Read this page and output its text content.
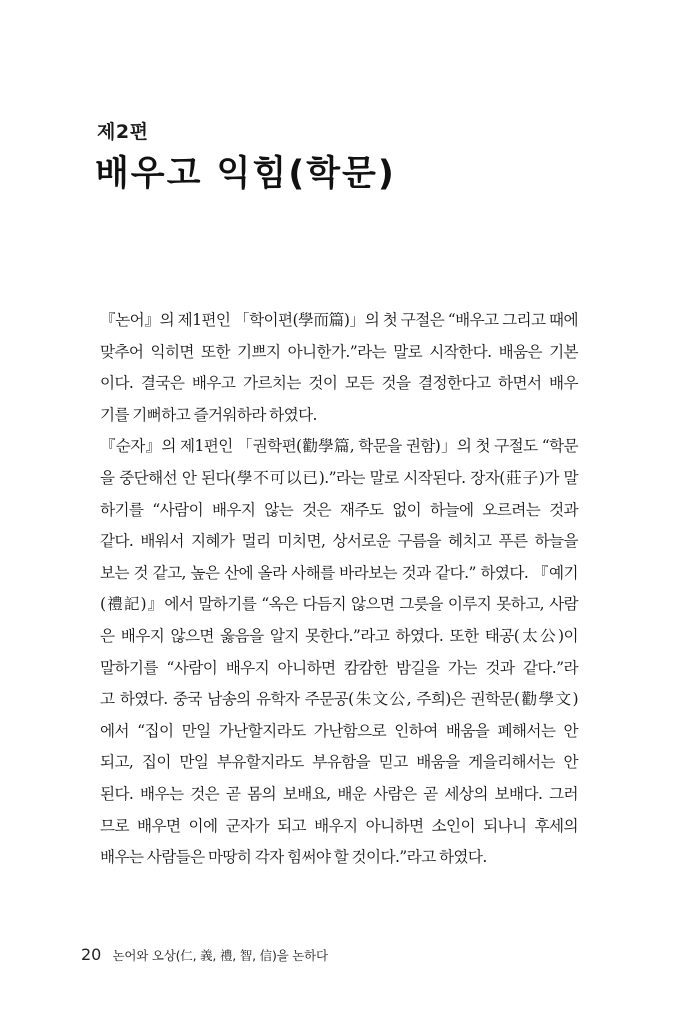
제2편
배우고 익힘(학문)
『논어』의 제1편인 「학이편(學而篇)」의 첫 구절은 “배우고 그리고 때에
맞추어 익히면 또한 기쁘지 아니한가.”라는 말로 시작한다. 배움은 기본
이다. 결국은 배우고 가르치는 것이 모든 것을 결정한다고 하면서 배우
기를 기뻐하고 즐거워하라 하였다.
『순자』의 제1편인 「권학편(勸學篇, 학문을 권함)」의 첫 구절도 “학문
을 중단해선 안 된다(學不可以已).”라는 말로 시작된다. 장자(莊子)가 말
하기를 “사람이 배우지 않는 것은 재주도 없이 하늘에 오르려는 것과
같다. 배워서 지혜가 멀리 미치면, 상서로운 구름을 헤치고 푸른 하늘을
보는 것 같고, 높은 산에 올라 사해를 바라보는 것과 같다.” 하였다. 『예기
(禮記)』에서 말하기를 “옥은 다듬지 않으면 그릇을 이루지 못하고, 사람
은 배우지 않으면 옳음을 알지 못한다.”라고 하였다. 또한 태공(太公)이
말하기를 “사람이 배우지 아니하면 캄캄한 밤길을 가는 것과 같다.”라
고 하였다. 중국 남송의 유학자 주문공(朱文公, 주희)은 권학문(勸學文)
에서 “집이 만일 가난할지라도 가난함으로 인하여 배움을 폐해서는 안
되고, 집이 만일 부유할지라도 부유함을 믿고 배움을 게을리해서는 안
된다. 배우는 것은 곧 몸의 보배요, 배운 사람은 곧 세상의 보배다. 그러
므로 배우면 이에 군자가 되고 배우지 아니하면 소인이 되나니 후세의
배우는 사람들은 마땅히 각자 힘써야 할 것이다.”라고 하였다.
20 논어와 오상(仁, 義, 禮, 智, 信)을 논하다
